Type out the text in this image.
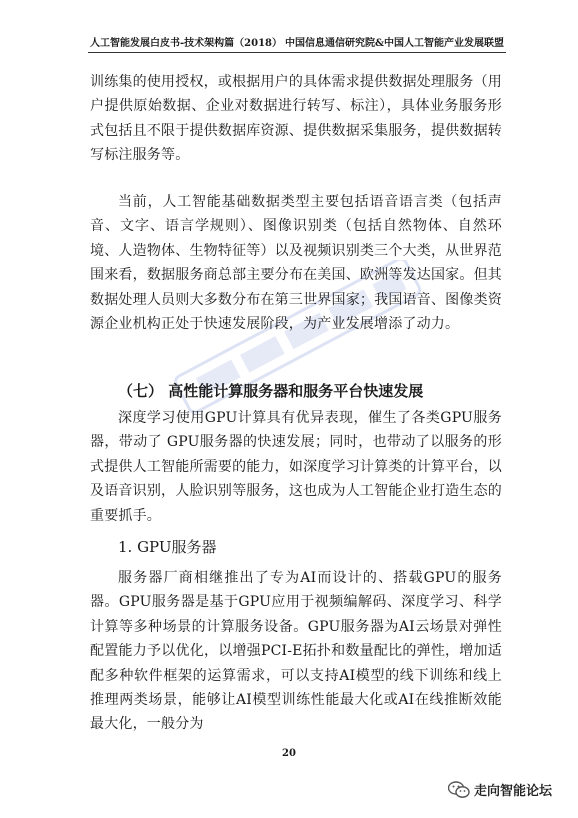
人工智能发展白皮书-技术架构篇（2018） 中国信息通信研究院&中国人工智能产业发展联盟

训练集的使用授权，或根据用户的具体需求提供数据处理服务（用户提供原始数据、企业对数据进行转写、标注），具体业务服务形式包括且不限于提供数据库资源、提供数据采集服务，提供数据转写标注服务等。

当前，人工智能基础数据类型主要包括语音语言类（包括声音、文字、语言学规则）、图像识别类（包括自然物体、自然环境、人造物体、生物特征等）以及视频识别类三个大类，从世界范围来看，数据服务商总部主要分布在美国、欧洲等发达国家。但其数据处理人员则大多数分布在第三世界国家；我国语音、图像类资源企业机构正处于快速发展阶段，为产业发展增添了动力。

（七） 高性能计算服务器和服务平台快速发展

深度学习使用GPU计算具有优异表现，催生了各类GPU服务器，带动了 GPU服务器的快速发展；同时，也带动了以服务的形式提供人工智能所需要的能力，如深度学习计算类的计算平台，以及语音识别，人脸识别等服务，这也成为人工智能企业打造生态的重要抓手。

1. GPU服务器

服务器厂商相继推出了专为AI而设计的、搭载GPU的服务器。GPU服务器是基于GPU应用于视频编解码、深度学习、科学计算等多种场景的计算服务设备。GPU服务器为AI云场景对弹性配置能力予以优化，以增强PCI-E拓扑和数量配比的弹性，增加适配多种软件框架的运算需求，可以支持AI模型的线下训练和线上推理两类场景，能够让AI模型训练性能最大化或AI在线推断效能最大化，一般分为

20
走向智能论坛
